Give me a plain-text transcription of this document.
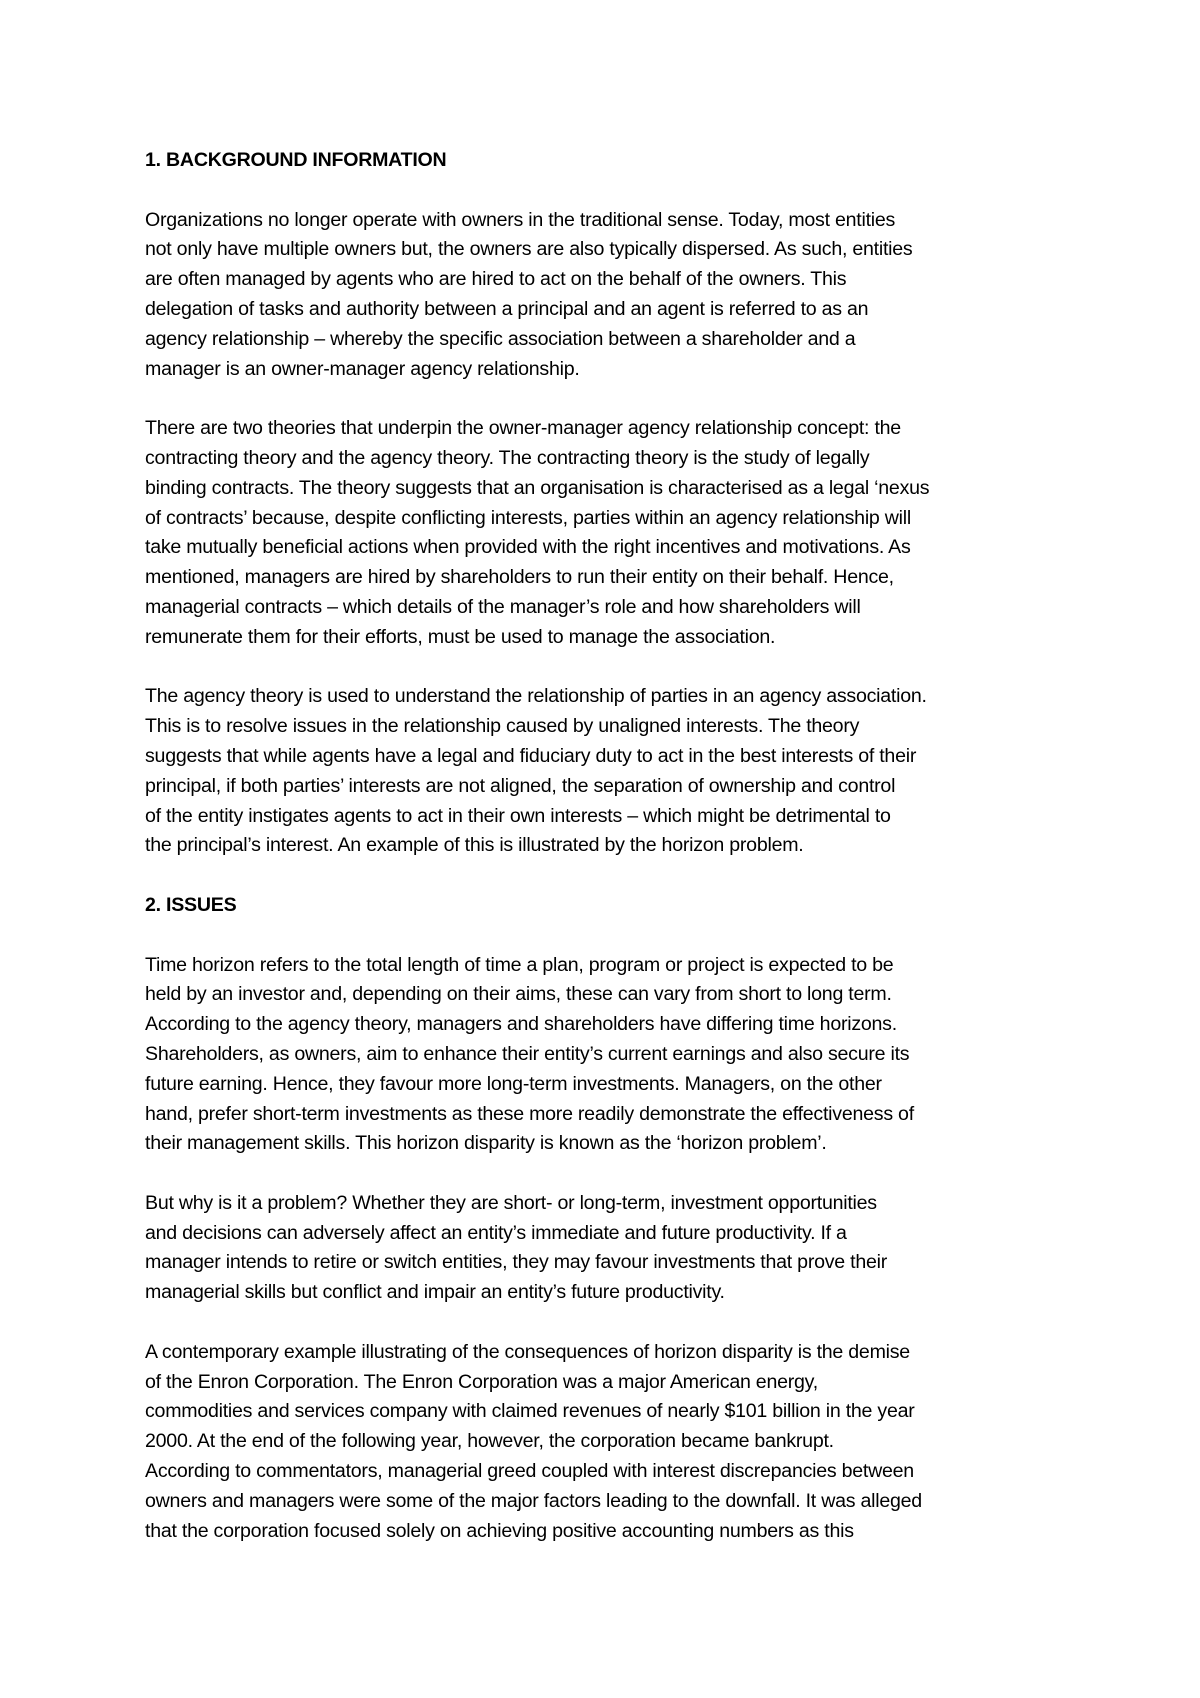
1. BACKGROUND INFORMATION
Organizations no longer operate with owners in the traditional sense. Today, most entities
not only have multiple owners but, the owners are also typically dispersed. As such, entities
are often managed by agents who are hired to act on the behalf of the owners. This
delegation of tasks and authority between a principal and an agent is referred to as an
agency relationship – whereby the specific association between a shareholder and a
manager is an owner-manager agency relationship.
There are two theories that underpin the owner-manager agency relationship concept: the
contracting theory and the agency theory. The contracting theory is the study of legally
binding contracts. The theory suggests that an organisation is characterised as a legal ‘nexus
of contracts’ because, despite conflicting interests, parties within an agency relationship will
take mutually beneficial actions when provided with the right incentives and motivations. As
mentioned, managers are hired by shareholders to run their entity on their behalf. Hence,
managerial contracts – which details of the manager’s role and how shareholders will
remunerate them for their efforts, must be used to manage the association.
The agency theory is used to understand the relationship of parties in an agency association.
This is to resolve issues in the relationship caused by unaligned interests. The theory
suggests that while agents have a legal and fiduciary duty to act in the best interests of their
principal, if both parties’ interests are not aligned, the separation of ownership and control
of the entity instigates agents to act in their own interests – which might be detrimental to
the principal’s interest. An example of this is illustrated by the horizon problem.
2. ISSUES
Time horizon refers to the total length of time a plan, program or project is expected to be
held by an investor and, depending on their aims, these can vary from short to long term.
According to the agency theory, managers and shareholders have differing time horizons.
Shareholders, as owners, aim to enhance their entity’s current earnings and also secure its
future earning. Hence, they favour more long-term investments. Managers, on the other
hand, prefer short-term investments as these more readily demonstrate the effectiveness of
their management skills. This horizon disparity is known as the ‘horizon problem’.
But why is it a problem? Whether they are short- or long-term, investment opportunities
and decisions can adversely affect an entity’s immediate and future productivity. If a
manager intends to retire or switch entities, they may favour investments that prove their
managerial skills but conflict and impair an entity’s future productivity.
A contemporary example illustrating of the consequences of horizon disparity is the demise
of the Enron Corporation. The Enron Corporation was a major American energy,
commodities and services company with claimed revenues of nearly $101 billion in the year
2000. At the end of the following year, however, the corporation became bankrupt.
According to commentators, managerial greed coupled with interest discrepancies between
owners and managers were some of the major factors leading to the downfall. It was alleged
that the corporation focused solely on achieving positive accounting numbers as this
